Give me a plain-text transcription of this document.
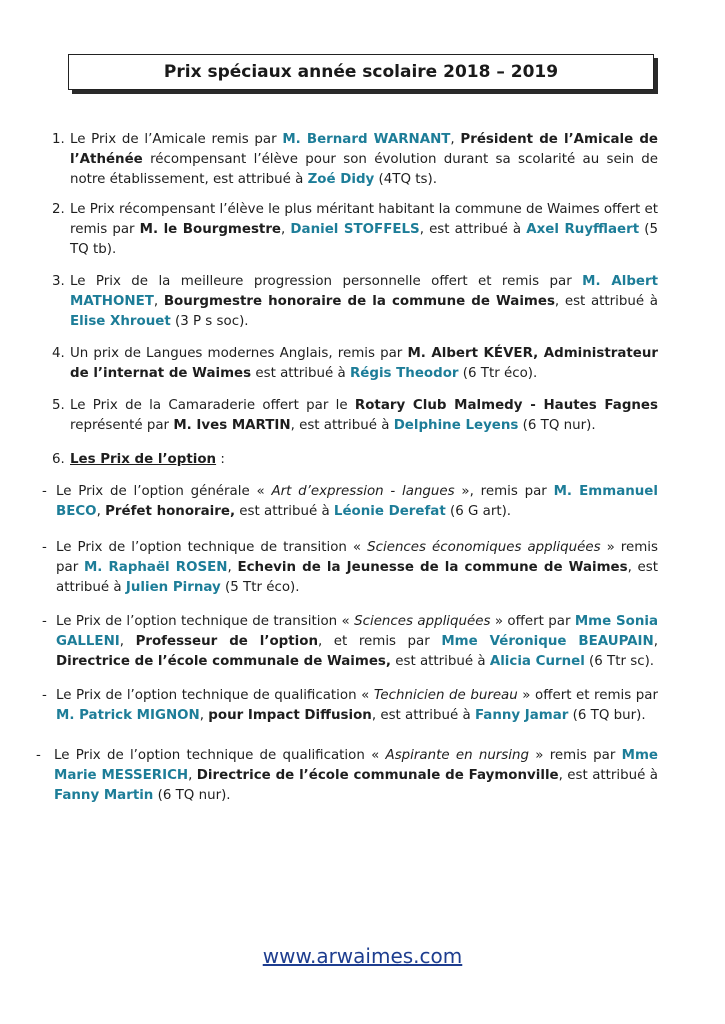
Prix spéciaux année scolaire 2018 – 2019
1. Le Prix de l’Amicale remis par M. Bernard WARNANT, Président de l’Amicale de l’Athénée récompensant l’élève pour son évolution durant sa scolarité au sein de notre établissement, est attribué à Zoé Didy (4TQ ts).
2. Le Prix récompensant l’élève le plus méritant habitant la commune de Waimes offert et remis par M. le Bourgmestre, Daniel STOFFELS, est attribué à Axel Ruyfflaert (5 TQ tb).
3. Le Prix de la meilleure progression personnelle offert et remis par M. Albert MATHONET, Bourgmestre honoraire de la commune de Waimes, est attribué à Elise Xhrouet (3 P s soc).
4. Un prix de Langues modernes Anglais, remis par M. Albert KÉVER, Administrateur de l’internat de Waimes est attribué à Régis Theodor (6 Ttr éco).
5. Le Prix de la Camaraderie offert par le Rotary Club Malmedy - Hautes Fagnes représenté par M. Ives MARTIN, est attribué à Delphine Leyens (6 TQ nur).
6. Les Prix de l’option :
- Le Prix de l’option générale « Art d’expression - langues », remis par M. Emmanuel BECO, Préfet honoraire, est attribué à Léonie Derefat (6 G art).
- Le Prix de l’option technique de transition « Sciences économiques appliquées » remis par M. Raphaël ROSEN, Echevin de la Jeunesse de la commune de Waimes, est attribué à Julien Pirnay (5 Ttr éco).
- Le Prix de l’option technique de transition « Sciences appliquées » offert par Mme Sonia GALLENI, Professeur de l’option, et remis par Mme Véronique BEAUPAIN, Directrice de l’école communale de Waimes, est attribué à Alicia Curnel (6 Ttr sc).
- Le Prix de l’option technique de qualification « Technicien de bureau » offert et remis par M. Patrick MIGNON, pour Impact Diffusion, est attribué à Fanny Jamar (6 TQ bur).
- Le Prix de l’option technique de qualification « Aspirante en nursing » remis par Mme Marie MESSERICH, Directrice de l’école communale de Faymonville, est attribué à Fanny Martin (6 TQ nur).
www.arwaimes.com
